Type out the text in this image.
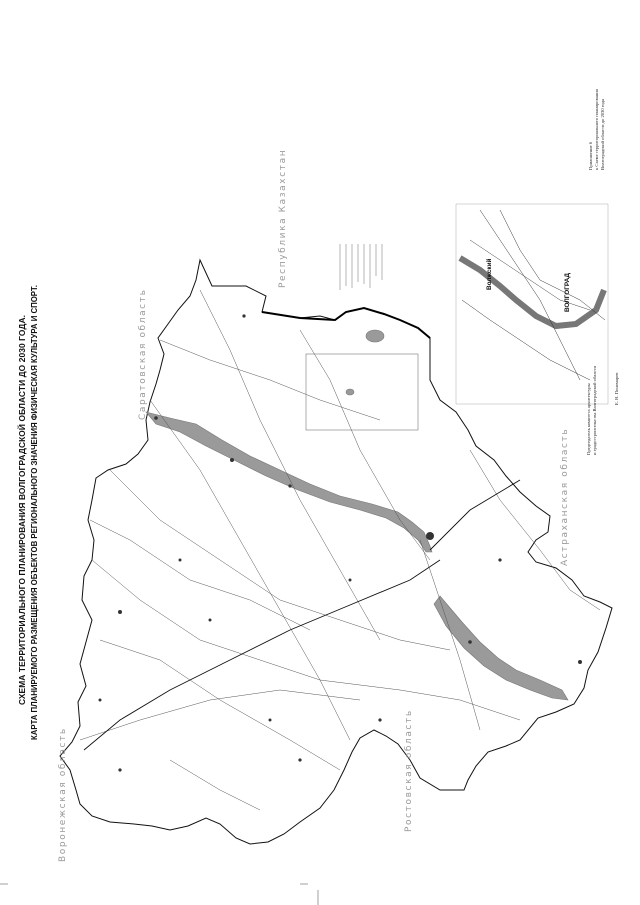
СХЕМА ТЕРРИТОРИАЛЬНОГО ПЛАНИРОВАНИЯ ВОЛГОГРАДСКОЙ ОБЛАСТИ ДО 2030 ГОДА. КАРТА ПЛАНИРУЕМОГО РАЗМЕЩЕНИЯ ОБЪЕКТОВ РЕГИОНАЛЬНОГО ЗНАЧЕНИЯ ФИЗИЧЕСКАЯ КУЛЬТУРА И СПОРТ.
Воронежская область
Саратовская область
Республика Казахстан
Астраханская область
Ростовская область
Приложение 6 к Схеме территориального планирования Волгоградской области до 2030 года
Председатель комитета архитектуры и градостроительства Волгоградской области	Е. Н. Пономарев
Волжский	ВОЛГОГРАД
